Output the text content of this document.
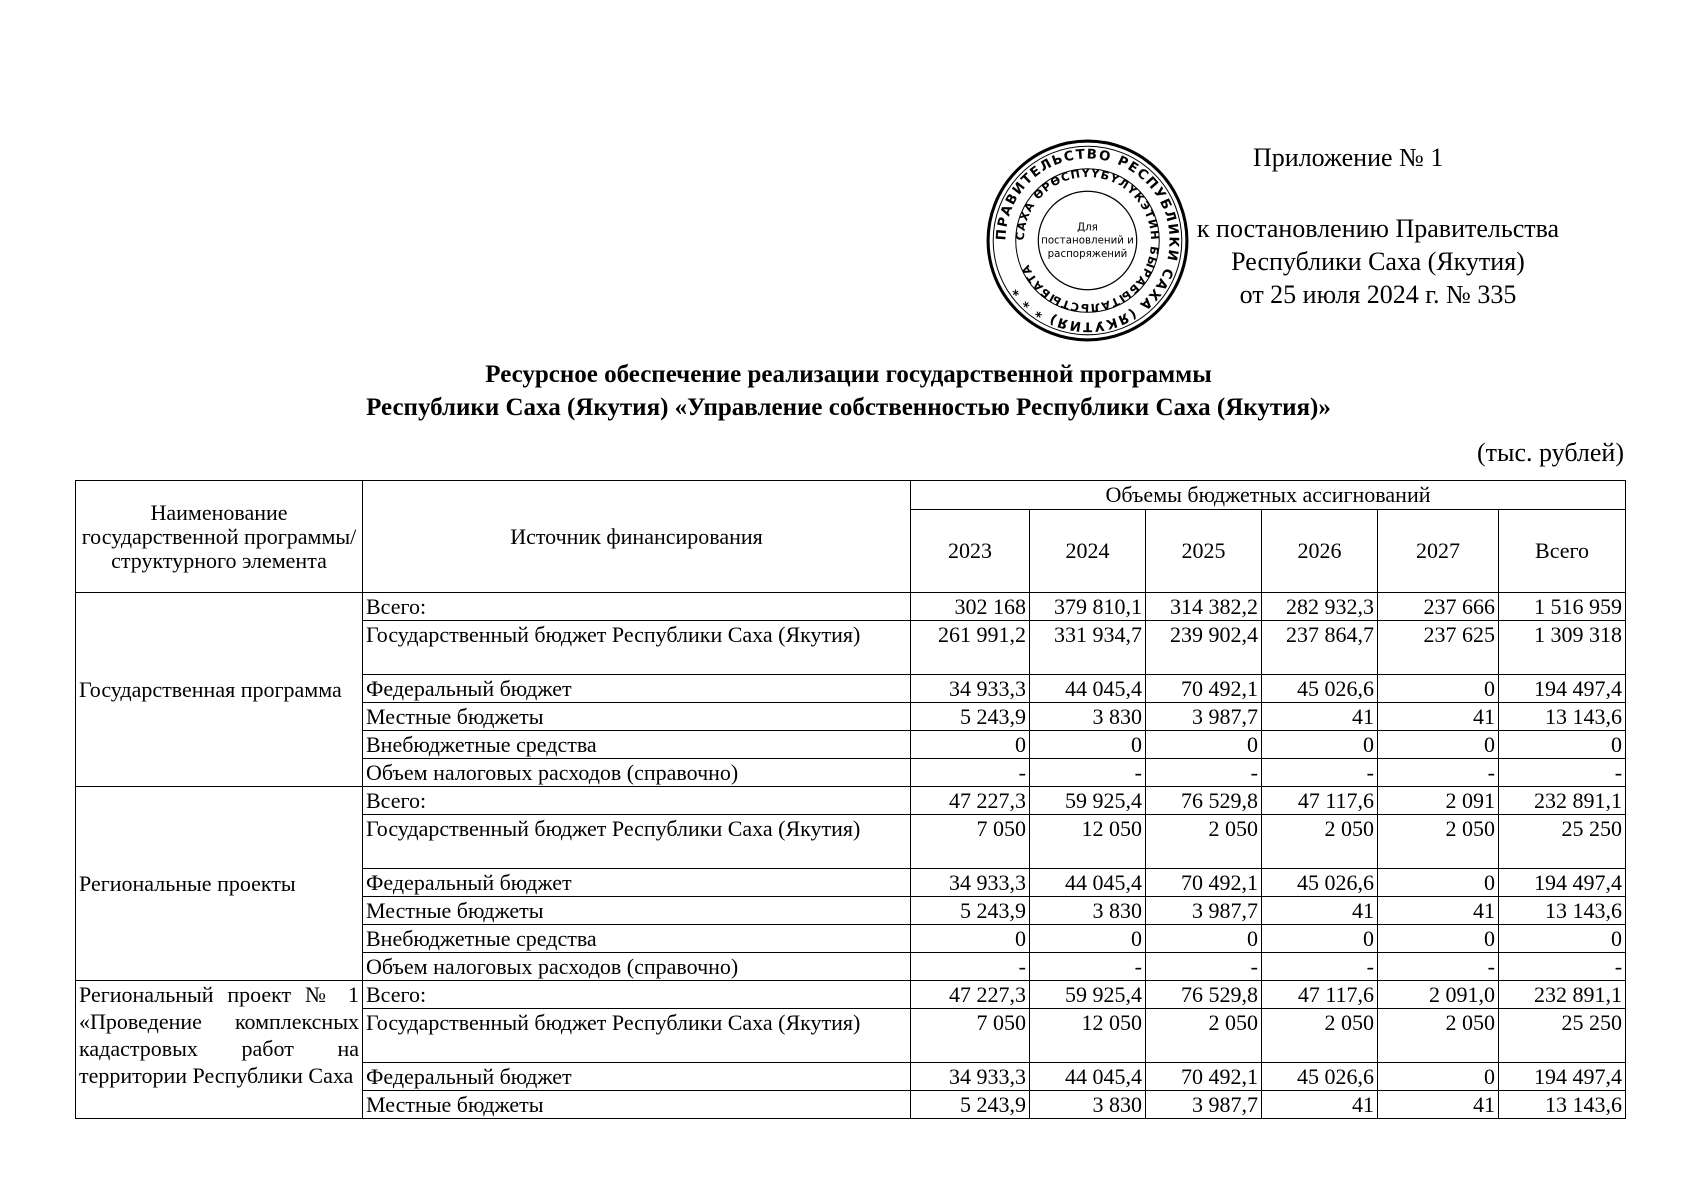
Приложение № 1
к постановлению Правительства
Республики Саха (Якутия)
от 25 июля 2024 г. № 335
ПРАВИТЕЛЬСТВО РЕСПУБЛИКИ САХА (ЯКУТИЯ) * * *
САХА ӨРӨСПҮҮБҮЛҮКЭТИН БЫРАБЫТАЛЬСТЫБАТА
Для
постановлений и
распоряжений
Ресурсное обеспечение реализации государственной программы
Республики Саха (Якутия) «Управление собственностью Республики Саха (Якутия)»
(тыс. рублей)
Наименование государственной программы/ структурного элемента	Источник финансирования	Объемы бюджетных ассигнований					
		2023	2024	2025	2026	2027	Всего
Государственная программа	Всего:	302 168	379 810,1	314 382,2	282 932,3	237 666	1 516 959
	Государственный бюджет Республики Саха (Якутия)	261 991,2	331 934,7	239 902,4	237 864,7	237 625	1 309 318
	Федеральный бюджет	34 933,3	44 045,4	70 492,1	45 026,6	0	194 497,4
	Местные бюджеты	5 243,9	3 830	3 987,7	41	41	13 143,6
	Внебюджетные средства	0	0	0	0	0	0
	Объем налоговых расходов (справочно)	-	-	-	-	-	-
Региональные проекты	Всего:	47 227,3	59 925,4	76 529,8	47 117,6	2 091	232 891,1
	Государственный бюджет Республики Саха (Якутия)	7 050	12 050	2 050	2 050	2 050	25 250
	Федеральный бюджет	34 933,3	44 045,4	70 492,1	45 026,6	0	194 497,4
	Местные бюджеты	5 243,9	3 830	3 987,7	41	41	13 143,6
	Внебюджетные средства	0	0	0	0	0	0
	Объем налоговых расходов (справочно)	-	-	-	-	-	-
Региональный проект № 1 «Проведение комплексных кадастровых работ на территории Республики Саха	Всего:	47 227,3	59 925,4	76 529,8	47 117,6	2 091,0	232 891,1
	Государственный бюджет Республики Саха (Якутия)	7 050	12 050	2 050	2 050	2 050	25 250
	Федеральный бюджет	34 933,3	44 045,4	70 492,1	45 026,6	0	194 497,4
	Местные бюджеты	5 243,9	3 830	3 987,7	41	41	13 143,6
